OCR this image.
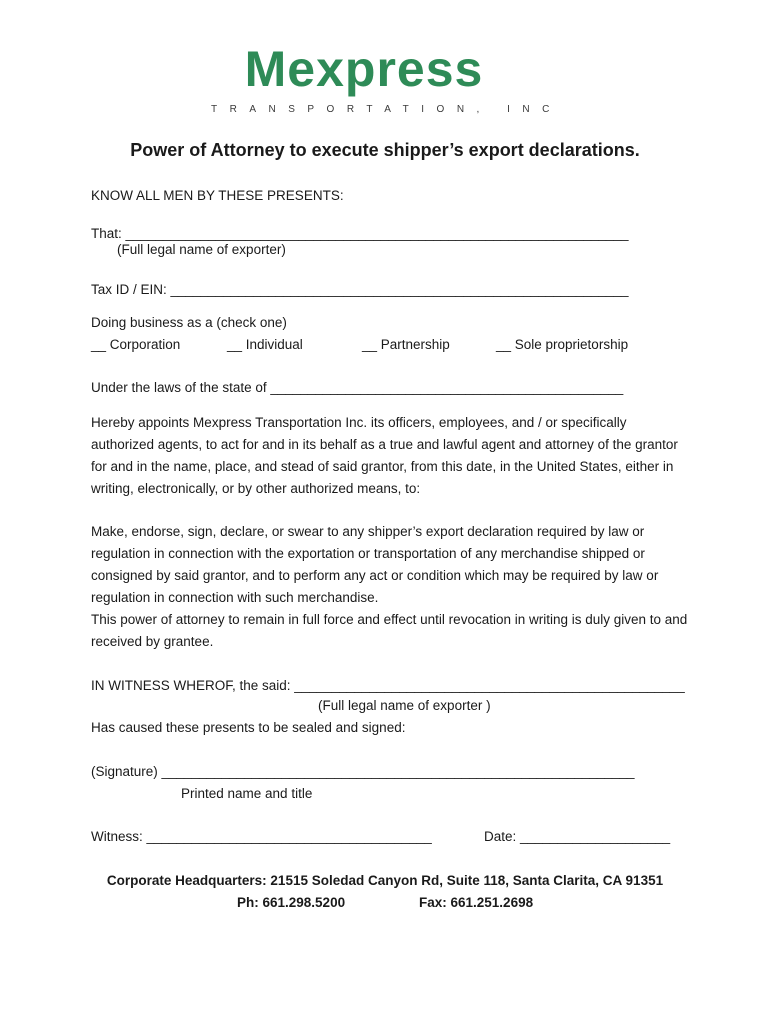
Mexpress
TRANSPORTATION, INC
Power of Attorney to execute shipper’s export declarations.
KNOW ALL MEN BY THESE PRESENTS:
That: ___________________________________________________________________
(Full legal name of exporter)
Tax ID / EIN: _____________________________________________________________
Doing business as a (check one)
__ Corporation	__ Individual	__ Partnership	__ Sole proprietorship
Under the laws of the state of _______________________________________________

Hereby appoints Mexpress Transportation Inc. its officers, employees, and / or specifically authorized agents, to act for and in its behalf as a true and lawful agent and attorney of the grantor for and in the name, place, and stead of said grantor, from this date, in the United States, either in writing, electronically, or by other authorized means, to:

Make, endorse, sign, declare, or swear to any shipper’s export declaration required by law or regulation in connection with the exportation or transportation of any merchandise shipped or consigned by said grantor, and to perform any act or condition which may be required by law or regulation in connection with such merchandise.

This power of attorney to remain in full force and effect until revocation in writing is duly given to and received by grantee.

IN WITNESS WHEROF, the said: ____________________________________________________
(Full legal name of exporter )
Has caused these presents to be sealed and signed:
(Signature) _______________________________________________________________
Printed name and title
Witness: ______________________________________	Date: ____________________
Corporate Headquarters: 21515 Soledad Canyon Rd, Suite 118, Santa Clarita, CA 91351
Ph: 661.298.5200	Fax: 661.251.2698
